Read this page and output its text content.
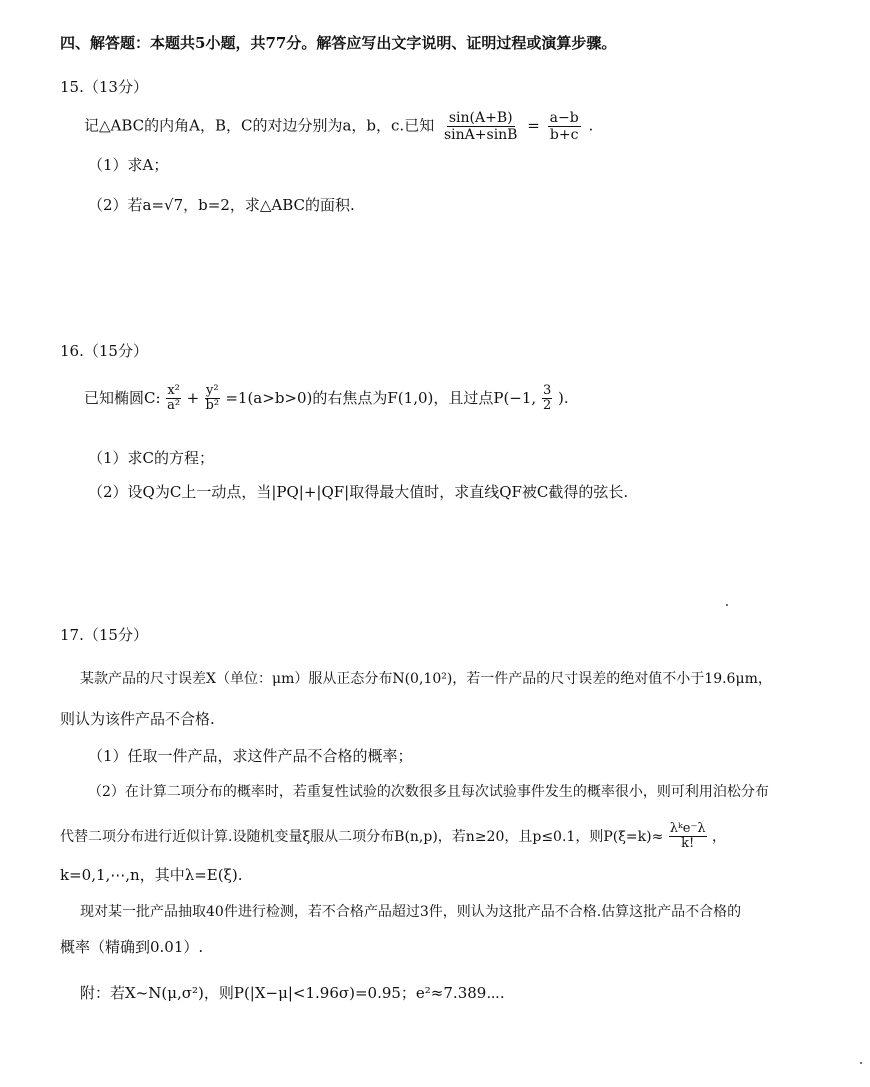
四、解答题：本题共5小题，共77分。解答应写出文字说明、证明过程或演算步骤。
15.（13分）
记△ABC的内角A，B，C的对边分别为a，b，c.已知 $\frac{\sin(A+B)}{\sin A+\sin B} = \frac{a-b}{b+c}$ .
（1）求A；
（2）若a=√7，b=2，求△ABC的面积.
16.（15分）
已知椭圆C: $\frac{\text{x²}}{\text{a²}} + \frac{\text{y²}}{\text{b²}} =1(a>b>0)$的右焦点为F(1,0)，且过点P(−1, $\frac{3}{2}$ ).
（1）求C的方程；
（2）设Q为C上一动点，当|PQ|+|QF|取得最大值时，求直线QF被C截得的弦长.
17.（15分）
某款产品的尺寸误差X（单位：μm）服从正态分布N(0,10²)，若一件产品的尺寸误差的绝对值不小于19.6μm，
则认为该件产品不合格.
（1）任取一件产品，求这件产品不合格的概率；
（2）在计算二项分布的概率时，若重复性试验的次数很多且每次试验事件发生的概率很小，则可利用泊松分布
代替二项分布进行近似计算.设随机变量ξ服从二项分布B(n,p)，若n≥20，且p≤0.1，则$P(\xi=k)\approx \frac{\text{λᵏe⁻λ}}{k!}$ ，
k=0,1,⋯,n，其中λ=E(ξ).
现对某一批产品抽取40件进行检测，若不合格产品超过3件，则认为这批产品不合格.估算这批产品不合格的
概率（精确到0.01）.
附：若X~N(μ,σ²)，则P(|X−μ|<1.96σ)=0.95；e²≈7.389⋯.
